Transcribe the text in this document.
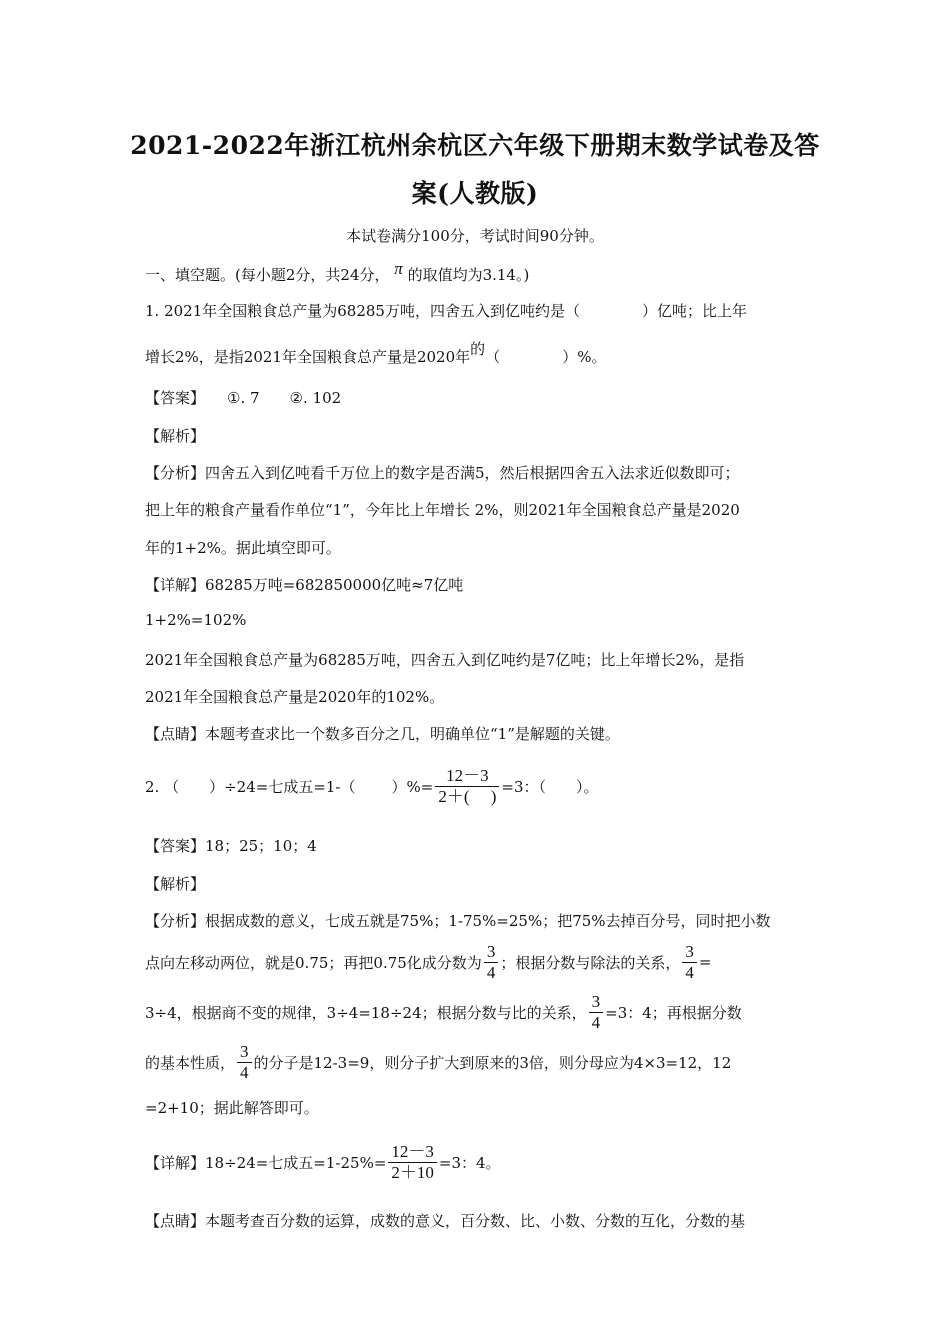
2021-2022年浙江杭州余杭区六年级下册期末数学试卷及答
案(人教版)
本试卷满分100分，考试时间90分钟。
一、填空题。(每小题2分，共24分， π 的取值均为3.14。)
1. 2021年全国粮食总产量为68285万吨，四舍五入到亿吨约是（	）亿吨；比上年
增长2%，是指2021年全国粮食总产量是2020年的（	）%。
【答案】 ①. 7 ②. 102
【解析】
【分析】四舍五入到亿吨看千万位上的数字是否满5，然后根据四舍五入法求近似数即可；
把上年的粮食产量看作单位“1”，今年比上年增长 2%，则2021年全国粮食总产量是2020
年的1+2%。据此填空即可。
【详解】68285万吨=682850000亿吨≈7亿吨
1+2%=102%
2021年全国粮食总产量为68285万吨，四舍五入到亿吨约是7亿吨；比上年增长2%，是指
2021年全国粮食总产量是2020年的102%。
【点睛】本题考查求比一个数多百分之几，明确单位“1”是解题的关键。
2. （ ）÷24=七成五=1-（ ）%= $\frac{12-3}{2+( )} =3$：（ ）。
【答案】18；25；10；4
【解析】
【分析】根据成数的意义，七成五就是75%；1-75%=25%；把75%去掉百分号，同时把小数
点向左移动两位，就是0.75；再把0.75化成分数为 $\frac{3}{4}$ ；根据分数与除法的关系， $\frac{3}{4}$ =
3÷4，根据商不变的规律，3÷4=18÷24；根据分数与比的关系， $\frac{3}{4} =3$：4；再根据分数
的基本性质， $\frac{3}{4}$ 的分子是12-3=9，则分子扩大到原来的3倍，则分母应为4×3=12，12
=2+10；据此解答即可。
【详解】18÷24=七成五$=1-25\%= \frac{12-3}{2+10} =3$：4。
【点睛】本题考查百分数的运算，成数的意义，百分数、比、小数、分数的互化，分数的基
